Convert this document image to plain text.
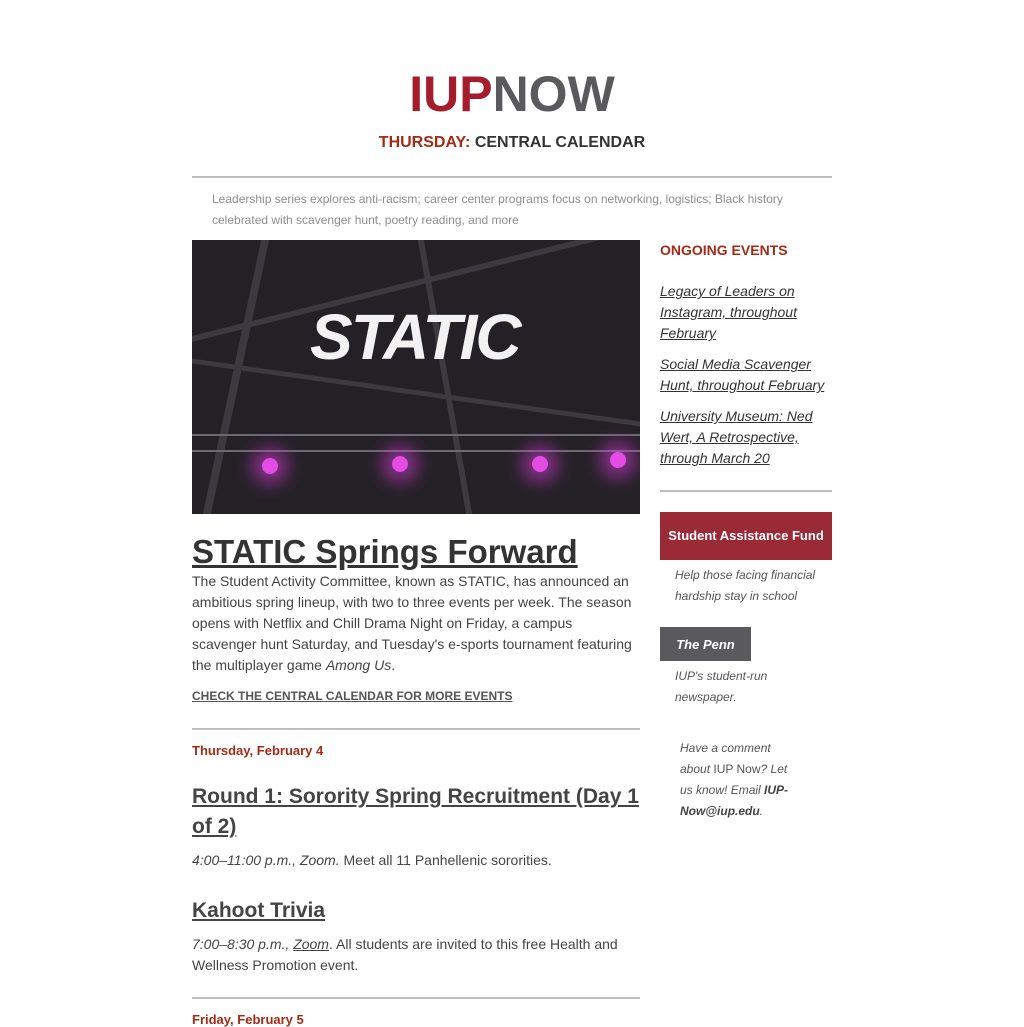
IUPNOW
THURSDAY: CENTRAL CALENDAR
Leadership series explores anti-racism; career center programs focus on networking, logistics; Black history celebrated with scavenger hunt, poetry reading, and more
STATIC
STATIC Springs Forward

The Student Activity Committee, known as STATIC, has announced an ambitious spring lineup, with two to three events per week. The season opens with Netflix and Chill Drama Night on Friday, a campus scavenger hunt Saturday, and Tuesday's e-sports tournament featuring the multiplayer game Among Us.

CHECK THE CENTRAL CALENDAR FOR MORE EVENTS
Thursday, February 4
Round 1: Sorority Spring Recruitment (Day 1 of 2)

4:00–11:00 p.m., Zoom. Meet all 11 Panhellenic sororities.

Kahoot Trivia

7:00–8:30 p.m., Zoom. All students are invited to this free Health and Wellness Promotion event.

Friday, February 5
ONGOING EVENTS
Legacy of Leaders on Instagram, throughout February
Social Media Scavenger Hunt, throughout February
University Museum: Ned Wert, A Retrospective, through March 20
Student Assistance Fund
Help those facing financial hardship stay in school
The Penn
IUP's student-run newspaper.
Have a comment about IUP Now? Let us know! Email IUP-Now@iup.edu.
